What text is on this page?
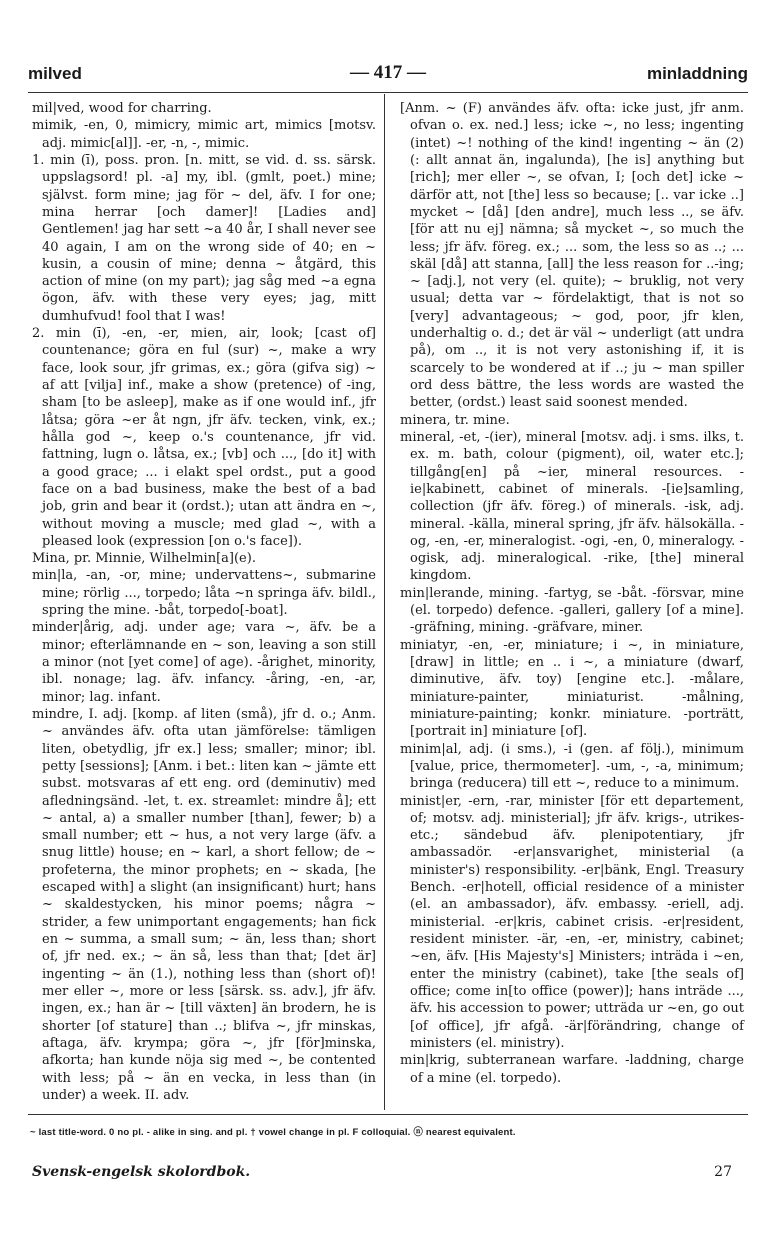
milved	— 417 —	minladdning

mil|ved, wood for charring.

mimik, -en, 0, mimicry, mimic art, mimics [motsv. adj. mimic[al]]. -er, -n, -, mimic.

1. min (ī), poss. pron. [n. mitt, se vid. d. ss. särsk. uppslagsord! pl. -a] my, ibl. (gmlt, poet.) mine; självst. form mine; jag för ~ del, äfv. I for one; mina herrar [och damer]! [Ladies and] Gentlemen! jag har sett ~a 40 år, I shall never see 40 again, I am on the wrong side of 40; en ~ kusin, a cousin of mine; denna ~ åtgärd, this action of mine (on my part); jag såg med ~a egna ögon, äfv. with these very eyes; jag, mitt dumhufvud! fool that I was!

2. min (ī), -en, -er, mien, air, look; [cast of] countenance; göra en ful (sur) ~, make a wry face, look sour, jfr grimas, ex.; göra (gifva sig) ~ af att [vilja] inf., make a show (pretence) of -ing, sham [to be asleep], make as if one would inf., jfr låtsa; göra ~er åt ngn, jfr äfv. tecken, vink, ex.; hålla god ~, keep o.'s countenance, jfr vid. fattning, lugn o. låtsa, ex.; [vb] och ..., [do it] with a good grace; ... i elakt spel ordst., put a good face on a bad business, make the best of a bad job, grin and bear it (ordst.); utan att ändra en ~, without moving a muscle; med glad ~, with a pleased look (expression [on o.'s face]).

Mina, pr. Minnie, Wilhelmin[a](e).

min|la, -an, -or, mine; undervattens~, submarine mine; rörlig ..., torpedo; låta ~n springa äfv. bildl., spring the mine. -båt, torpedo[-boat].

minder|årig, adj. under age; vara ~, äfv. be a minor; efterlämnande en ~ son, leaving a son still a minor (not [yet come] of age). -årighet, minority, ibl. nonage; lag. äfv. infancy. -åring, -en, -ar, minor; lag. infant.

mindre, I. adj. [komp. af liten (små), jfr d. o.; Anm. ~ användes äfv. ofta utan jämförelse: tämligen liten, obetydlig, jfr ex.] less; smaller; minor; ibl. petty [sessions]; [Anm. i bet.: liten kan ~ jämte ett subst. motsvaras af ett eng. ord (deminutiv) med afledningsänd. -let, t. ex. streamlet: mindre å]; ett ~ antal, a) a smaller number [than], fewer; b) a small number; ett ~ hus, a not very large (äfv. a snug little) house; en ~ karl, a short fellow; de ~ profeterna, the minor prophets; en ~ skada, [he escaped with] a slight (an insignificant) hurt; hans ~ skaldestycken, his minor poems; några ~ strider, a few unimportant engagements; han fick en ~ summa, a small sum; ~ än, less than; short of, jfr ned. ex.; ~ än så, less than that; [det är] ingenting ~ än (1.), nothing less than (short of)! mer eller ~, more or less [särsk. ss. adv.], jfr äfv. ingen, ex.; han är ~ [till växten] än brodern, he is shorter [of stature] than ..; blifva ~, jfr minskas, aftaga, äfv. krympa; göra ~, jfr [för]minska, afkorta; han kunde nöja sig med ~, be contented with less; på ~ än en vecka, in less than (in under) a week. II. adv.

[Anm. ~ (F) användes äfv. ofta: icke just, jfr anm. ofvan o. ex. ned.] less; icke ~, no less; ingenting (intet) ~! nothing of the kind! ingenting ~ än (2) (: allt annat än, ingalunda), [he is] anything but [rich]; mer eller ~, se ofvan, I; [och det] icke ~ därför att, not [the] less so because; [.. var icke ..] mycket ~ [då] [den andre], much less .., se äfv. [för att nu ej] nämna; så mycket ~, so much the less; jfr äfv. föreg. ex.; ... som, the less so as ..; ... skäl [då] att stanna, [all] the less reason for ..-ing; ~ [adj.], not very (el. quite); ~ bruklig, not very usual; detta var ~ fördelaktigt, that is not so [very] advantageous; ~ god, poor, jfr klen, underhaltig o. d.; det är väl ~ underligt (att undra på), om .., it is not very astonishing if, it is scarcely to be wondered at if ..; ju ~ man spiller ord dess bättre, the less words are wasted the better, (ordst.) least said soonest mended.

minera, tr. mine.

mineral, -et, -(ier), mineral [motsv. adj. i sms. ilks, t. ex. m. bath, colour (pigment), oil, water etc.]; tillgång[en] på ~ier, mineral resources. -ie|kabinett, cabinet of minerals. -[ie]samling, collection (jfr äfv. föreg.) of minerals. -isk, adj. mineral. -källa, mineral spring, jfr äfv. hälsokälla. -og, -en, -er, mineralogist. -ogi, -en, 0, mineralogy. -ogisk, adj. mineralogical. -rike, [the] mineral kingdom.

min|lerande, mining. -fartyg, se -båt. -försvar, mine (el. torpedo) defence. -galleri, gallery [of a mine]. -gräfning, mining. -gräfvare, miner.

miniatyr, -en, -er, miniature; i ~, in miniature, [draw] in little; en .. i ~, a miniature (dwarf, diminutive, äfv. toy) [engine etc.]. -målare, miniature-painter, miniaturist. -målning, miniature-painting; konkr. miniature. -porträtt, [portrait in] miniature [of].

minim|al, adj. (i sms.), -i (gen. af följ.), minimum [value, price, thermometer]. -um, -, -a, minimum; bringa (reducera) till ett ~, reduce to a minimum.

minist|er, -ern, -rar, minister [för ett departement, of; motsv. adj. ministerial]; jfr äfv. krigs-, utrikes- etc.; sändebud äfv. plenipotentiary, jfr ambassadör. -er|ansvarighet, ministerial (a minister's) responsibility. -er|bänk, Engl. Treasury Bench. -er|hotell, official residence of a minister (el. an ambassador), äfv. embassy. -eriell, adj. ministerial. -er|kris, cabinet crisis. -er|resident, resident minister. -är, -en, -er, ministry, cabinet; ~en, äfv. [His Majesty's] Ministers; inträda i ~en, enter the ministry (cabinet), take [the seals of] office; come in[to office (power)]; hans inträde ..., äfv. his accession to power; utträda ur ~en, go out [of office], jfr afgå. -är|förändring, change of ministers (el. ministry).

min|krig, subterranean warfare. -laddning, charge of a mine (el. torpedo).

~ last title-word. 0 no pl. - alike in sing. and pl. † vowel change in pl. F colloquial. ⓝ nearest equivalent.
Svensk-engelsk skolordbok.	27
